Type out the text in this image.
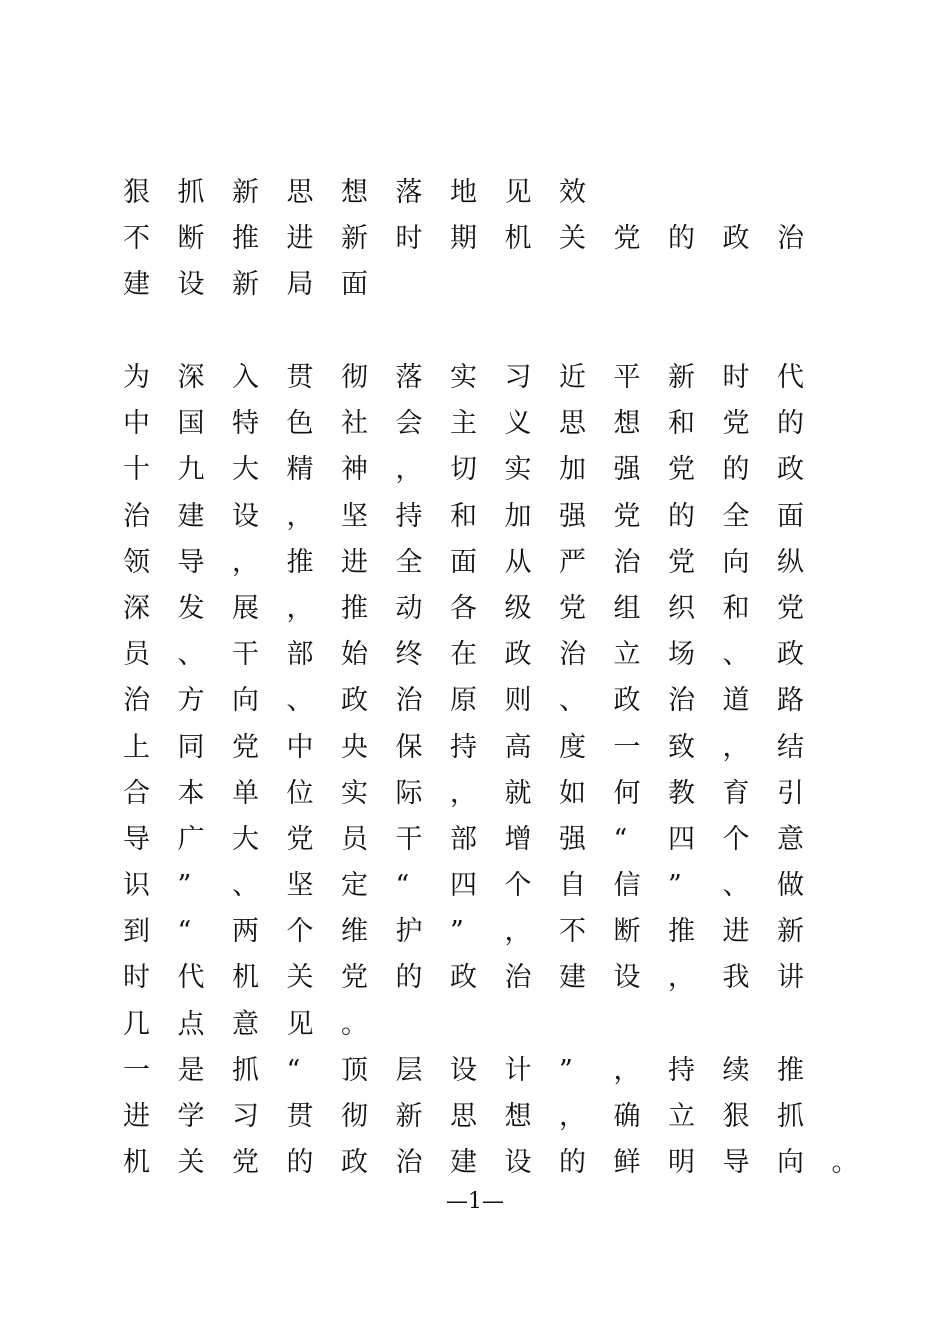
狠 抓 新 思 想 落 地 见 效
不 断 推 进 新 时 期 机 关 党 的 政 治
建 设 新 局 面
为 深 入 贯 彻 落 实 习 近 平 新 时 代
中 国 特 色 社 会 主 义 思 想 和 党 的
十 九 大 精 神 ， 切 实 加 强 党 的 政
治 建 设 ， 坚 持 和 加 强 党 的 全 面
领 导 ， 推 进 全 面 从 严 治 党 向 纵
深 发 展 ， 推 动 各 级 党 组 织 和 党
员 、 干 部 始 终 在 政 治 立 场 、 政
治 方 向 、 政 治 原 则 、 政 治 道 路
上 同 党 中 央 保 持 高 度 一 致 ， 结
合 本 单 位 实 际 ， 就 如 何 教 育 引
导 广 大 党 员 干 部 增 强 “ 四 个 意
识 ” 、 坚 定 “ 四 个 自 信 ” 、 做
到 “ 两 个 维 护 ” ， 不 断 推 进 新
时 代 机 关 党 的 政 治 建 设 ， 我 讲
几 点 意 见 。
一 是 抓 “ 顶 层 设 计 ” ， 持 续 推
进 学 习 贯 彻 新 思 想 ， 确 立 狠 抓
机 关 党 的 政 治 建 设 的 鲜 明 导 向 。
—1—
